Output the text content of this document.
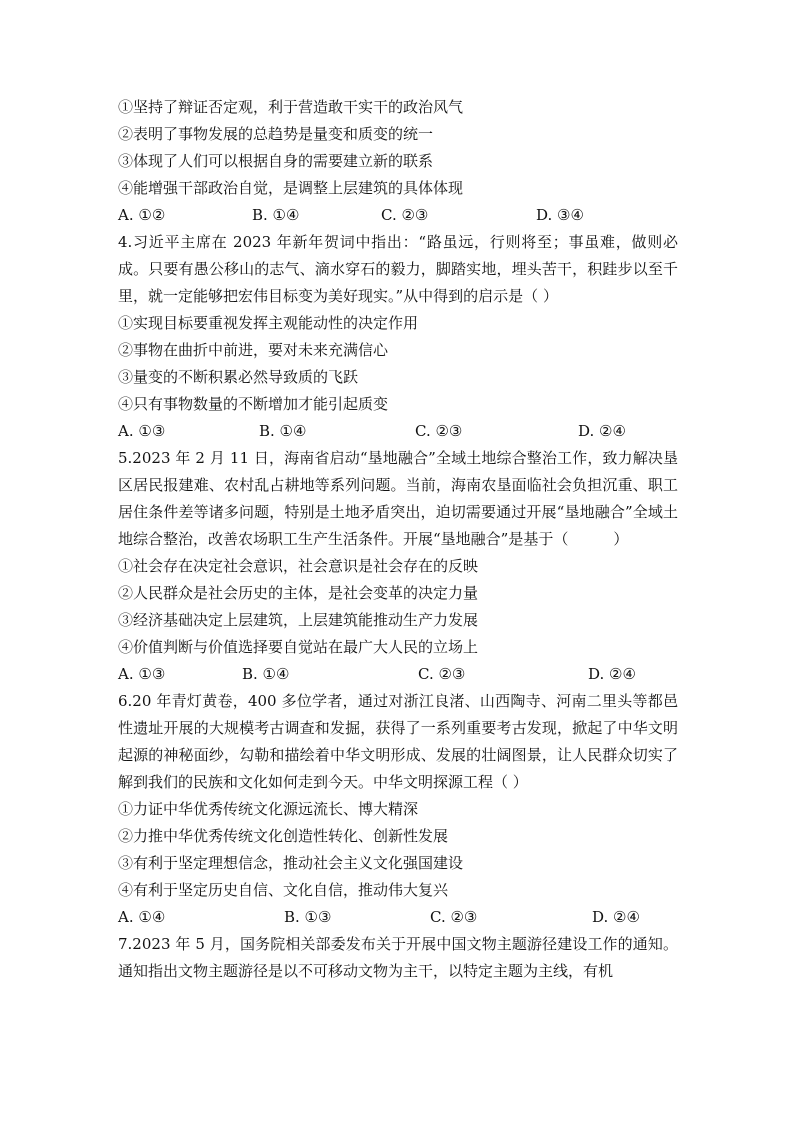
①坚持了辩证否定观，利于营造敢干实干的政治风气
②表明了事物发展的总趋势是量变和质变的统一
③体现了人们可以根据自身的需要建立新的联系
④能增强干部政治自觉，是调整上层建筑的具体体现
A. ①②	B. ①④	C. ②③	D. ③④
4.习近平主席在 2023 年新年贺词中指出：“路虽远，行则将至；事虽难，做则必成。只要有愚公移山的志气、滴水穿石的毅力，脚踏实地，埋头苦干，积跬步以至千里，就一定能够把宏伟目标变为美好现实。”从中得到的启示是（ ）
①实现目标要重视发挥主观能动性的决定作用
②事物在曲折中前进，要对未来充满信心
③量变的不断积累必然导致质的飞跃
④只有事物数量的不断增加才能引起质变
A. ①③	B. ①④	C. ②③	D. ②④
5.2023 年 2 月 11 日，海南省启动“垦地融合”全域土地综合整治工作，致力解决垦区居民报建难、农村乱占耕地等系列问题。当前，海南农垦面临社会负担沉重、职工居住条件差等诸多问题，特别是土地矛盾突出，迫切需要通过开展“垦地融合”全域土地综合整治，改善农场职工生产生活条件。开展“垦地融合”是基于（　　　）
①社会存在决定社会意识，社会意识是社会存在的反映
②人民群众是社会历史的主体，是社会变革的决定力量
③经济基础决定上层建筑，上层建筑能推动生产力发展
④价值判断与价值选择要自觉站在最广大人民的立场上
A. ①③	B. ①④	C. ②③	D. ②④
6.20 年青灯黄卷，400 多位学者，通过对浙江良渚、山西陶寺、河南二里头等都邑性遗址开展的大规模考古调查和发掘，获得了一系列重要考古发现，掀起了中华文明起源的神秘面纱，勾勒和描绘着中华文明形成、发展的壮阔图景，让人民群众切实了解到我们的民族和文化如何走到今天。中华文明探源工程（ ）
①力证中华优秀传统文化源远流长、博大精深
②力推中华优秀传统文化创造性转化、创新性发展
③有利于坚定理想信念，推动社会主义文化强国建设
④有利于坚定历史自信、文化自信，推动伟大复兴
A. ①④	B. ①③	C. ②③	D. ②④
7.2023 年 5 月，国务院相关部委发布关于开展中国文物主题游径建设工作的通知。通知指出文物主题游径是以不可移动文物为主干，以特定主题为主线，有机
